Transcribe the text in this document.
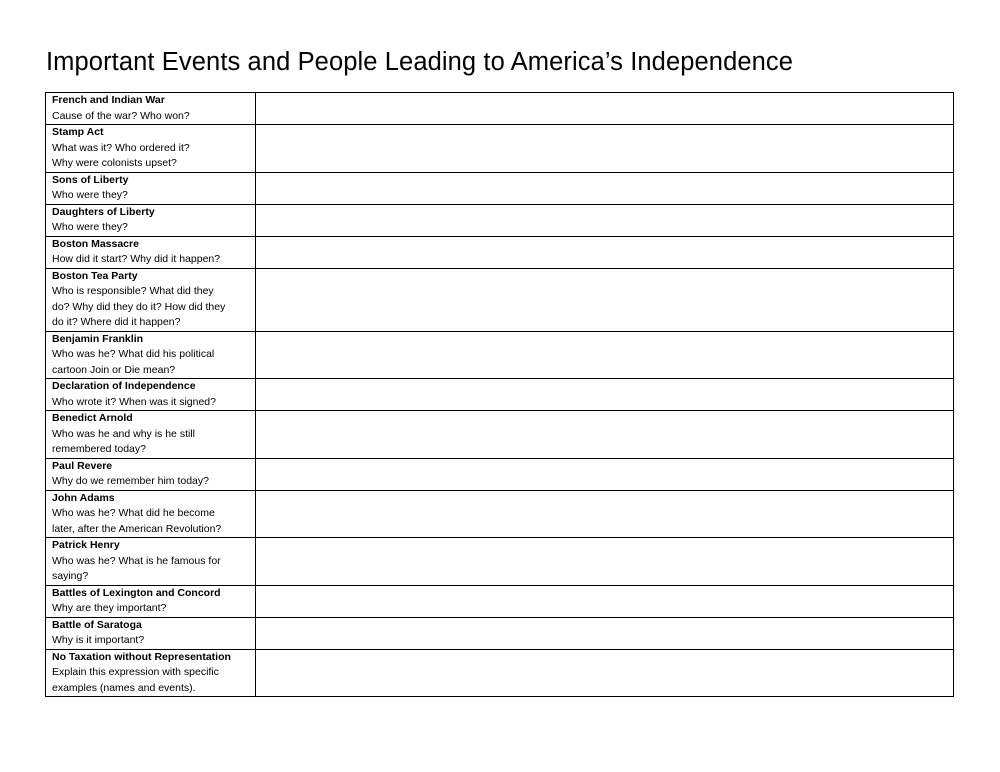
Important Events and People Leading to America’s Independence
French and Indian War
Cause of the war? Who won?	

Stamp Act
What was it? Who ordered it?
Why were colonists upset?	

Sons of Liberty
Who were they?	

Daughters of Liberty
Who were they?	

Boston Massacre
How did it start? Why did it happen?	

Boston Tea Party
Who is responsible? What did they
do? Why did they do it? How did they
do it? Where did it happen?	

Benjamin Franklin
Who was he? What did his political
cartoon Join or Die mean?	

Declaration of Independence
Who wrote it? When was it signed?	

Benedict Arnold
Who was he and why is he still
remembered today?	

Paul Revere
Why do we remember him today?	

John Adams
Who was he? What did he become
later, after the American Revolution?	

Patrick Henry
Who was he? What is he famous for
saying?	

Battles of Lexington and Concord
Why are they important?	

Battle of Saratoga
Why is it important?	

No Taxation without Representation
Explain this expression with specific
examples (names and events).	
